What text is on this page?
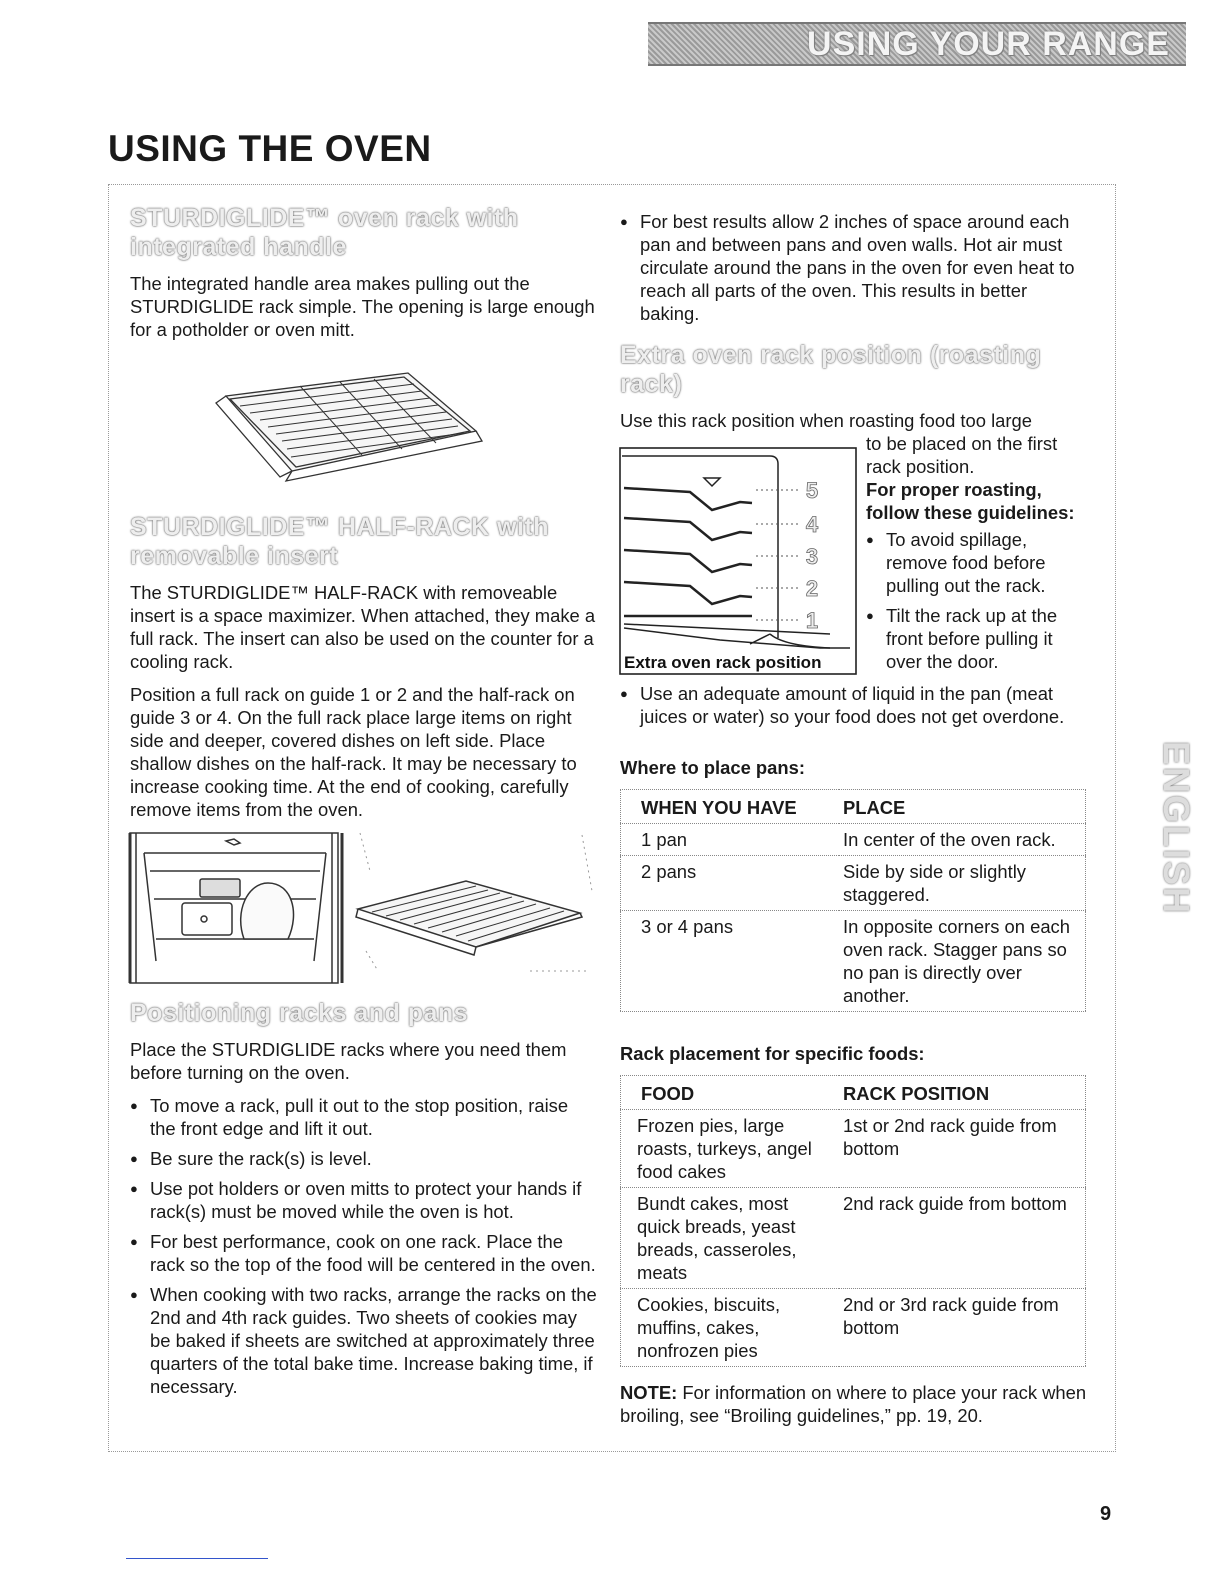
USING YOUR RANGE
USING THE OVEN
STURDIGLIDE™ oven rack with
integrated handle

The integrated handle area makes pulling out the STURDIGLIDE rack simple. The opening is large enough for a potholder or oven mitt.

STURDIGLIDE™ HALF-RACK with
removable insert

The STURDIGLIDE™ HALF-RACK with removeable insert is a space maximizer. When attached, they make a full rack. The insert can also be used on the counter for a cooling rack.

Position a full rack on guide 1 or 2 and the half-rack on guide 3 or 4. On the full rack place large items on right side and deeper, covered dishes on left side. Place shallow dishes on the half-rack. It may be necessary to increase cooking time. At the end of cooking, carefully remove items from the oven.

Positioning racks and pans

Place the STURDIGLIDE racks where you need them before turning on the oven.

● To move a rack, pull it out to the stop position, raise the front edge and lift it out.
● Be sure the rack(s) is level.
● Use pot holders or oven mitts to protect your hands if rack(s) must be moved while the oven is hot.
● For best performance, cook on one rack. Place the rack so the top of the food will be centered in the oven.
● When cooking with two racks, arrange the racks on the 2nd and 4th rack guides. Two sheets of cookies may be baked if sheets are switched at approximately three quarters of the total bake time. Increase baking time, if necessary.
● For best results allow 2 inches of space around each pan and between pans and oven walls. Hot air must circulate around the pans in the oven for even heat to reach all parts of the oven. This results in better baking.
Extra oven rack position (roasting rack)
Use this rack position when roasting food too large
5
4
3
2
1
Extra oven rack position
to be placed on the first rack position.
For proper roasting, follow these guidelines:
● To avoid spillage, remove food before pulling out the rack.
● Tilt the rack up at the front before pulling it over the door.
● Use an adequate amount of liquid in the pan (meat juices or water) so your food does not get overdone.
Where to place pans:
WHEN YOU HAVE	PLACE
1 pan	In center of the oven rack.
2 pans	Side by side or slightly staggered.
3 or 4 pans	In opposite corners on each oven rack. Stagger pans so no pan is directly over another.
Rack placement for specific foods:
FOOD	RACK POSITION
Frozen pies, large roasts, turkeys, angel food cakes	1st or 2nd rack guide from bottom
Bundt cakes, most quick breads, yeast breads, casseroles, meats	2nd rack guide from bottom
Cookies, biscuits, muffins, cakes, nonfrozen pies	2nd or 3rd rack guide from bottom

NOTE: For information on where to place your rack when broiling, see “Broiling guidelines,” pp. 19, 20.

ENGLISH
9
